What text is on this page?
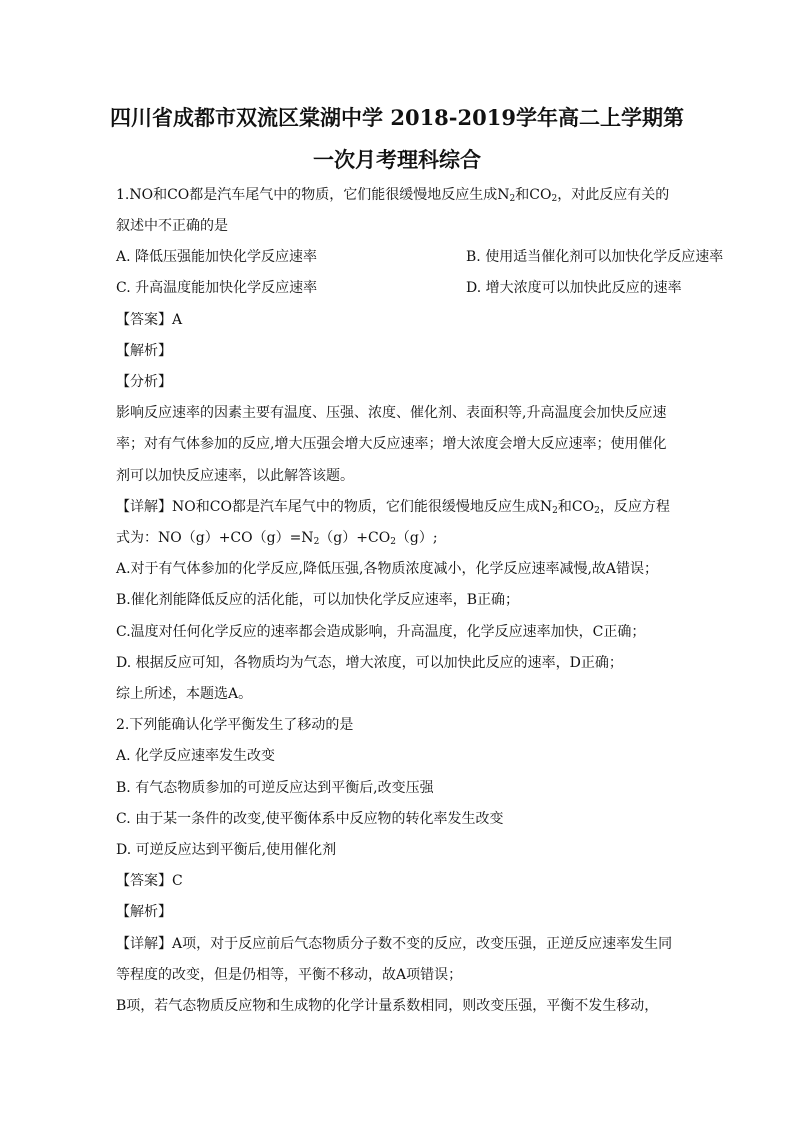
四川省成都市双流区棠湖中学 2018-2019学年高二上学期第
一次月考理科综合
1.NO和CO都是汽车尾气中的物质，它们能很缓慢地反应生成$N_2$和$CO_2$，对此反应有关的
叙述中不正确的是
A. 降低压强能加快化学反应速率	B. 使用适当催化剂可以加快化学反应速率
C. 升高温度能加快化学反应速率	D. 增大浓度可以加快此反应的速率
【答案】A
【解析】
【分析】
影响反应速率的因素主要有温度、压强、浓度、催化剂、表面积等,升高温度会加快反应速
率；对有气体参加的反应,增大压强会增大反应速率；增大浓度会增大反应速率；使用催化
剂可以加快反应速率，以此解答该题。
【详解】NO和CO都是汽车尾气中的物质，它们能很缓慢地反应生成$N_2$和$CO_2$，反应方程
式为：$NO(g)+CO(g)=N_2(g)+CO_2(g)$;
A.对于有气体参加的化学反应,降低压强,各物质浓度减小，化学反应速率减慢,故A错误；
B.催化剂能降低反应的活化能，可以加快化学反应速率，B正确；
C.温度对任何化学反应的速率都会造成影响，升高温度，化学反应速率加快，C正确；
D. 根据反应可知，各物质均为气态，增大浓度，可以加快此反应的速率，D正确；
综上所述，本题选A。
2.下列能确认化学平衡发生了移动的是
A. 化学反应速率发生改变
B. 有气态物质参加的可逆反应达到平衡后,改变压强
C. 由于某一条件的改变,使平衡体系中反应物的转化率发生改变
D. 可逆反应达到平衡后,使用催化剂
【答案】C
【解析】
【详解】A项，对于反应前后气态物质分子数不变的反应，改变压强，正逆反应速率发生同
等程度的改变，但是仍相等，平衡不移动，故A项错误；
B项，若气态物质反应物和生成物的化学计量系数相同，则改变压强，平衡不发生移动，
